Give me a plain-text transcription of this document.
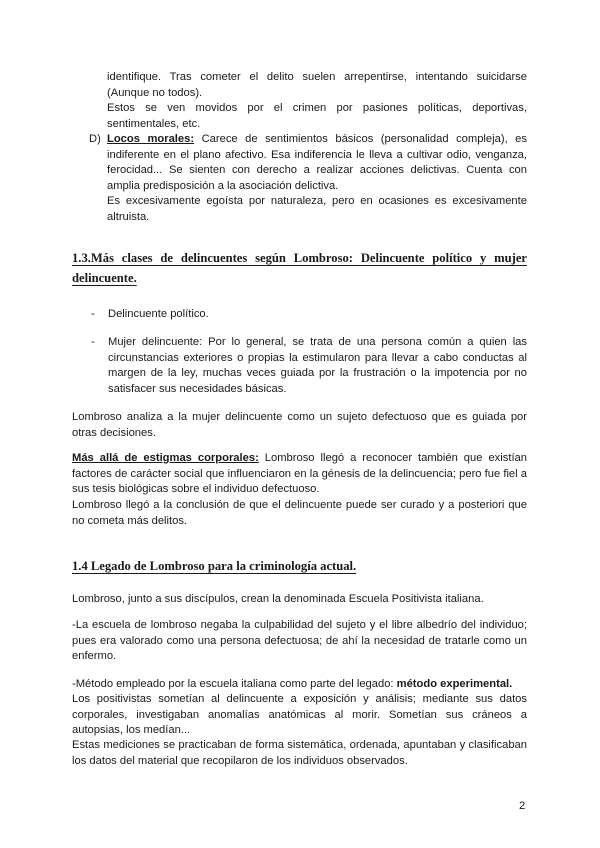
identifique. Tras cometer el delito suelen arrepentirse, intentando suicidarse (Aunque no todos).

Estos se ven movidos por el crimen por pasiones políticas, deportivas, sentimentales, etc.

D) Locos morales: Carece de sentimientos básicos (personalidad compleja), es indiferente en el plano afectivo. Esa indiferencia le lleva a cultivar odio, venganza, ferocidad... Se sienten con derecho a realizar acciones delictivas. Cuenta con amplia predisposición a la asociación delictiva.

Es excesivamente egoísta por naturaleza, pero en ocasiones es excesivamente altruista.

1.3.Más clases de delincuentes según Lombroso: Delincuente político y mujer delincuente.
- Delincuente político.

- Mujer delincuente: Por lo general, se trata de una persona común a quien las circunstancias exteriores o propias la estimularon para llevar a cabo conductas al margen de la ley, muchas veces guiada por la frustración o la impotencia por no satisfacer sus necesidades básicas.

Lombroso analiza a la mujer delincuente como un sujeto defectuoso que es guiada por otras decisiones.

Más allá de estigmas corporales: Lombroso llegó a reconocer también que existían factores de carácter social que influenciaron en la génesis de la delincuencia; pero fue fiel a sus tesis biológicas sobre el individuo defectuoso.

Lombroso llegó a la conclusión de que el delincuente puede ser curado y a posteriori que no cometa más delitos.

1.4 Legado de Lombroso para la criminología actual.

Lombroso, junto a sus discípulos, crean la denominada Escuela Positivista italiana.

-La escuela de lombroso negaba la culpabilidad del sujeto y el libre albedrío del individuo; pues era valorado como una persona defectuosa; de ahí la necesidad de tratarle como un enfermo.

-Método empleado por la escuela italiana como parte del legado: método experimental.

Los positivistas sometían al delincuente a exposición y análisis; mediante sus datos corporales, investigaban anomalías anatómicas al morir. Sometían sus cráneos a autopsias, los medían...

Estas mediciones se practicaban de forma sistemática, ordenada, apuntaban y clasificaban los datos del material que recopilaron de los individuos observados.

2
